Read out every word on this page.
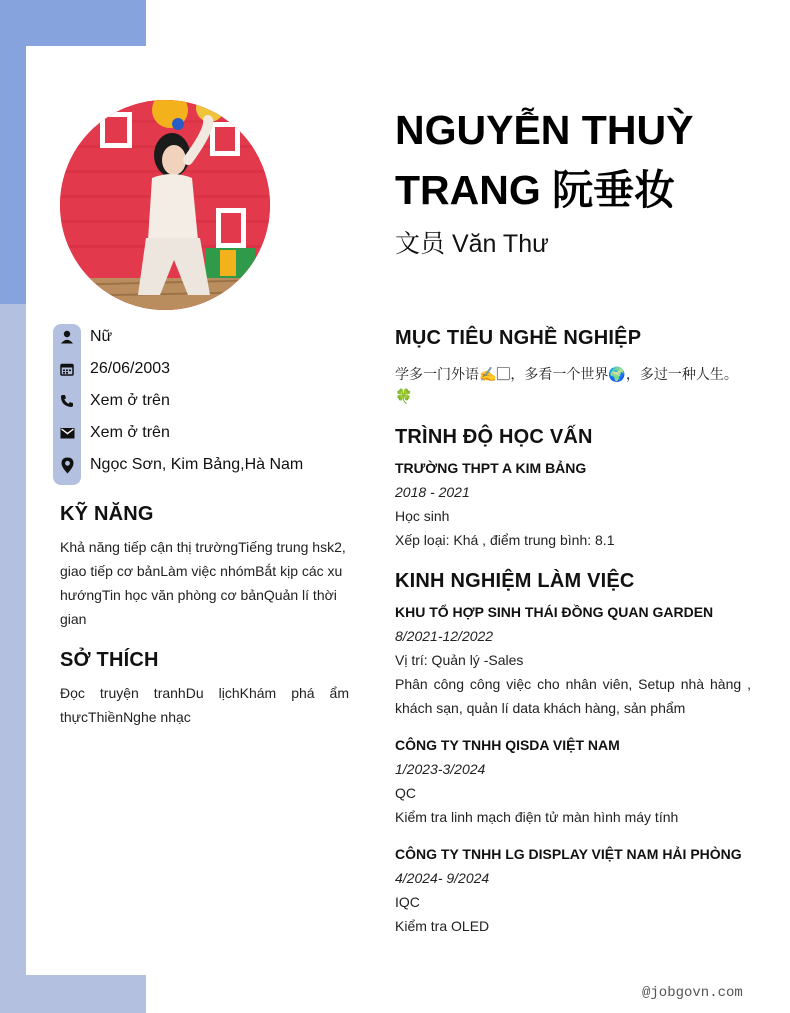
Nữ
26/06/2003
Xem ở trên
Xem ở trên
Ngọc Sơn, Kim Bảng,Hà Nam
KỸ NĂNG
Khả năng tiếp cận thị trườngTiếng trung hsk2, giao tiếp cơ bảnLàm việc nhómBắt kịp các xu hướngTin học văn phòng cơ bảnQuản lí thời gian
SỞ THÍCH
Đọc truyện tranhDu lịchKhám phá ẩm thựcThiềnNghe nhạc
NGUYỄN THUỲ TRANG 阮垂妆
文员 Văn Thư
MỤC TIÊU NGHỀ NGHIỆP
学多一门外语✍️▢，多看一个世界🌍，多过一种人生。
🍀
TRÌNH ĐỘ HỌC VẤN
TRƯỜNG THPT A KIM BẢNG
2018 - 2021
Học sinh
Xếp loại: Khá , điểm trung bình: 8.1
KINH NGHIỆM LÀM VIỆC
KHU TỔ HỢP SINH THÁI ĐỒNG QUAN GARDEN
8/2021-12/2022
Vị trí: Quản lý -Sales
Phân công công việc cho nhân viên, Setup nhà hàng , khách sạn, quản lí data khách hàng, sản phẩm
CÔNG TY TNHH QISDA VIỆT NAM
1/2023-3/2024
QC
Kiểm tra linh mạch điện tử màn hình máy tính
CÔNG TY TNHH LG DISPLAY VIỆT NAM HẢI PHÒNG
4/2024- 9/2024
IQC
Kiểm tra OLED
@jobgovn.com
